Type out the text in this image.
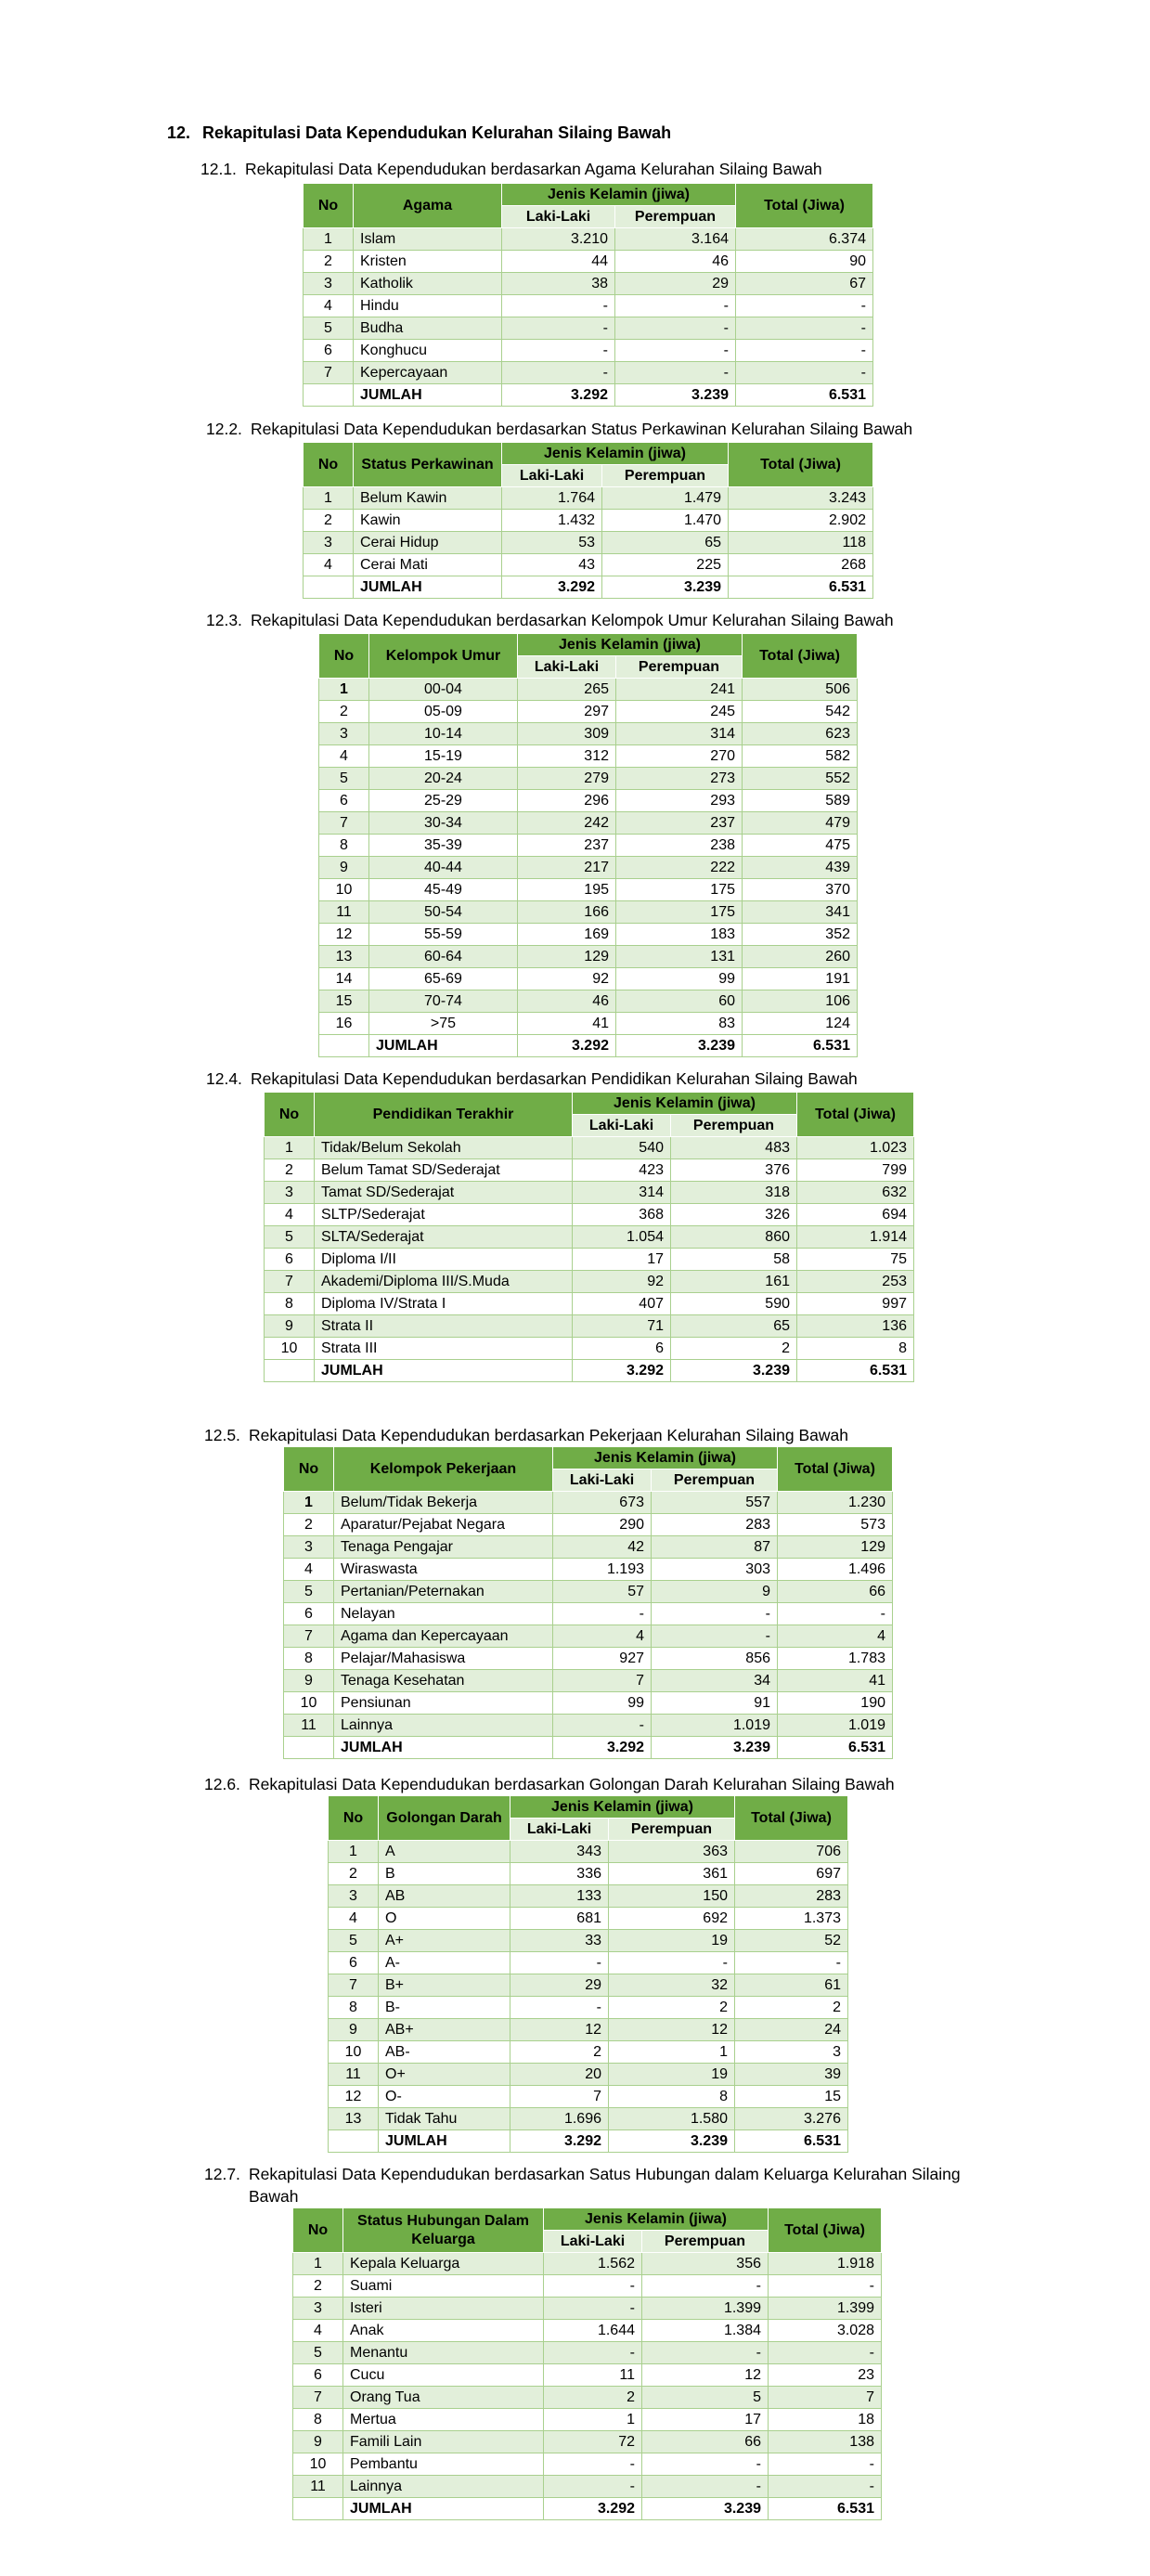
12. Rekapitulasi Data Kependudukan Kelurahan Silaing Bawah
12.1. Rekapitulasi Data Kependudukan berdasarkan Agama Kelurahan Silaing Bawah
12.2. Rekapitulasi Data Kependudukan berdasarkan Status Perkawinan Kelurahan Silaing Bawah
12.3. Rekapitulasi Data Kependudukan berdasarkan Kelompok Umur Kelurahan Silaing Bawah
12.4. Rekapitulasi Data Kependudukan berdasarkan Pendidikan Kelurahan Silaing Bawah
12.5. Rekapitulasi Data Kependudukan berdasarkan Pekerjaan Kelurahan Silaing Bawah
12.6. Rekapitulasi Data Kependudukan berdasarkan Golongan Darah Kelurahan Silaing Bawah
12.7. Rekapitulasi Data Kependudukan berdasarkan Satus Hubungan dalam Keluarga Kelurahan Silaing
Bawah
No	Agama	Jenis Kelamin (jiwa)		Total (Jiwa)
		Laki-Laki	Perempuan	
1	Islam	3.210	3.164	6.374
2	Kristen	44	46	90
3	Katholik	38	29	67
4	Hindu	-	-	-
5	Budha	-	-	-
6	Konghucu	-	-	-
7	Kepercayaan	-	-	-
	JUMLAH	3.292	3.239	6.531
No	Status Perkawinan	Jenis Kelamin (jiwa)		Total (Jiwa)
		Laki-Laki	Perempuan	
1	Belum Kawin	1.764	1.479	3.243
2	Kawin	1.432	1.470	2.902
3	Cerai Hidup	53	65	118
4	Cerai Mati	43	225	268
	JUMLAH	3.292	3.239	6.531
No	Kelompok Umur	Jenis Kelamin (jiwa)		Total (Jiwa)
		Laki-Laki	Perempuan	
1	00-04	265	241	506
2	05-09	297	245	542
3	10-14	309	314	623
4	15-19	312	270	582
5	20-24	279	273	552
6	25-29	296	293	589
7	30-34	242	237	479
8	35-39	237	238	475
9	40-44	217	222	439
10	45-49	195	175	370
11	50-54	166	175	341
12	55-59	169	183	352
13	60-64	129	131	260
14	65-69	92	99	191
15	70-74	46	60	106
16	>75	41	83	124
	JUMLAH	3.292	3.239	6.531
No	Pendidikan Terakhir	Jenis Kelamin (jiwa)		Total (Jiwa)
		Laki-Laki	Perempuan	
1	Tidak/Belum Sekolah	540	483	1.023
2	Belum Tamat SD/Sederajat	423	376	799
3	Tamat SD/Sederajat	314	318	632
4	SLTP/Sederajat	368	326	694
5	SLTA/Sederajat	1.054	860	1.914
6	Diploma I/II	17	58	75
7	Akademi/Diploma III/S.Muda	92	161	253
8	Diploma IV/Strata I	407	590	997
9	Strata II	71	65	136
10	Strata III	6	2	8
	JUMLAH	3.292	3.239	6.531
No	Kelompok Pekerjaan	Jenis Kelamin (jiwa)		Total (Jiwa)
		Laki-Laki	Perempuan	
1	Belum/Tidak Bekerja	673	557	1.230
2	Aparatur/Pejabat Negara	290	283	573
3	Tenaga Pengajar	42	87	129
4	Wiraswasta	1.193	303	1.496
5	Pertanian/Peternakan	57	9	66
6	Nelayan	-	-	-
7	Agama dan Kepercayaan	4	-	4
8	Pelajar/Mahasiswa	927	856	1.783
9	Tenaga Kesehatan	7	34	41
10	Pensiunan	99	91	190
11	Lainnya	-	1.019	1.019
	JUMLAH	3.292	3.239	6.531
No	Golongan Darah	Jenis Kelamin (jiwa)		Total (Jiwa)
		Laki-Laki	Perempuan	
1	A	343	363	706
2	B	336	361	697
3	AB	133	150	283
4	O	681	692	1.373
5	A+	33	19	52
6	A-	-	-	-
7	B+	29	32	61
8	B-	-	2	2
9	AB+	12	12	24
10	AB-	2	1	3
11	O+	20	19	39
12	O-	7	8	15
13	Tidak Tahu	1.696	1.580	3.276
	JUMLAH	3.292	3.239	6.531
No	Status Hubungan Dalam Keluarga	Jenis Kelamin (jiwa)		Total (Jiwa)
		Laki-Laki	Perempuan	
1	Kepala Keluarga	1.562	356	1.918
2	Suami	-	-	-
3	Isteri	-	1.399	1.399
4	Anak	1.644	1.384	3.028
5	Menantu	-	-	-
6	Cucu	11	12	23
7	Orang Tua	2	5	7
8	Mertua	1	17	18
9	Famili Lain	72	66	138
10	Pembantu	-	-	-
11	Lainnya	-	-	-
	JUMLAH	3.292	3.239	6.531
